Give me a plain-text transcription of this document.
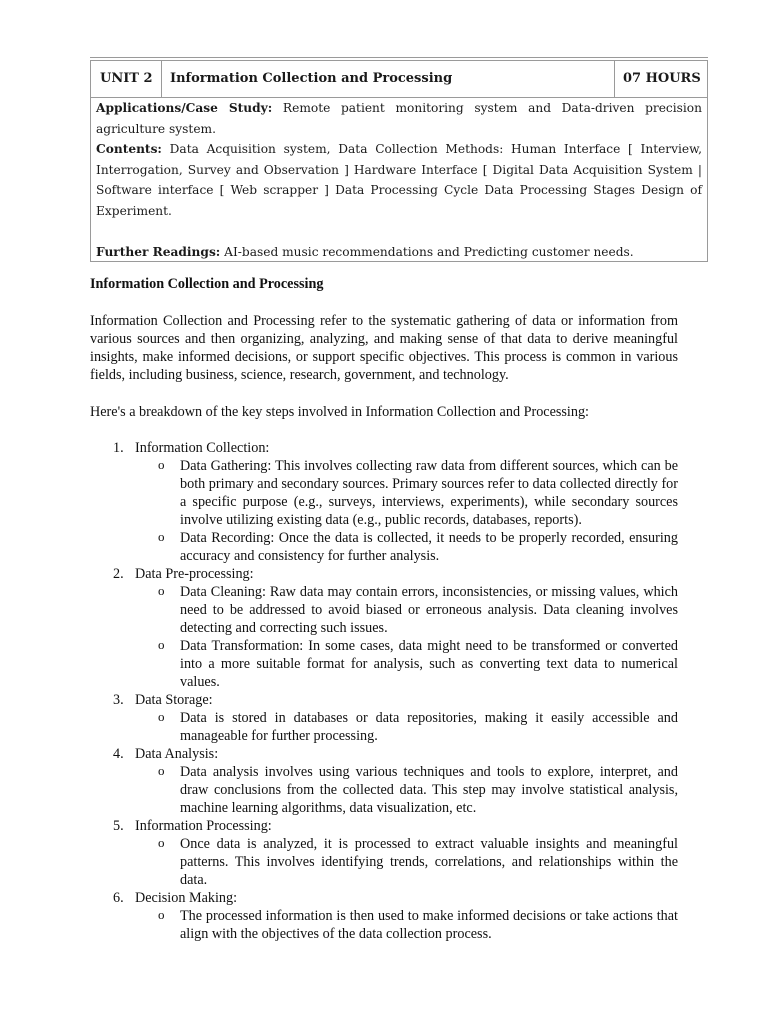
UNIT 2 Information Collection and Processing	07 HOURS

Applications/Case Study: Remote patient monitoring system and Data-driven precision agriculture system.

Contents: Data Acquisition system, Data Collection Methods: Human Interface [ Interview, Interrogation, Survey and Observation ] Hardware Interface [ Digital Data Acquisition System | Software interface [ Web scrapper ] Data Processing Cycle Data Processing Stages Design of Experiment.

Further Readings: AI-based music recommendations and Predicting customer needs.

Information Collection and Processing

Information Collection and Processing refer to the systematic gathering of data or information from various sources and then organizing, analyzing, and making sense of that data to derive meaningful insights, make informed decisions, or support specific objectives. This process is common in various fields, including business, science, research, government, and technology.

Here's a breakdown of the key steps involved in Information Collection and Processing:

1. Information Collection:
o Data Gathering: This involves collecting raw data from different sources, which can be both primary and secondary sources. Primary sources refer to data collected directly for a specific purpose (e.g., surveys, interviews, experiments), while secondary sources involve utilizing existing data (e.g., public records, databases, reports).
o Data Recording: Once the data is collected, it needs to be properly recorded, ensuring accuracy and consistency for further analysis.
2. Data Pre-processing:
o Data Cleaning: Raw data may contain errors, inconsistencies, or missing values, which need to be addressed to avoid biased or erroneous analysis. Data cleaning involves detecting and correcting such issues.
o Data Transformation: In some cases, data might need to be transformed or converted into a more suitable format for analysis, such as converting text data to numerical values.
3. Data Storage:
o Data is stored in databases or data repositories, making it easily accessible and manageable for further processing.
4. Data Analysis:
o Data analysis involves using various techniques and tools to explore, interpret, and draw conclusions from the collected data. This step may involve statistical analysis, machine learning algorithms, data visualization, etc.
5. Information Processing:
o Once data is analyzed, it is processed to extract valuable insights and meaningful patterns. This involves identifying trends, correlations, and relationships within the data.
6. Decision Making:
o The processed information is then used to make informed decisions or take actions that align with the objectives of the data collection process.
